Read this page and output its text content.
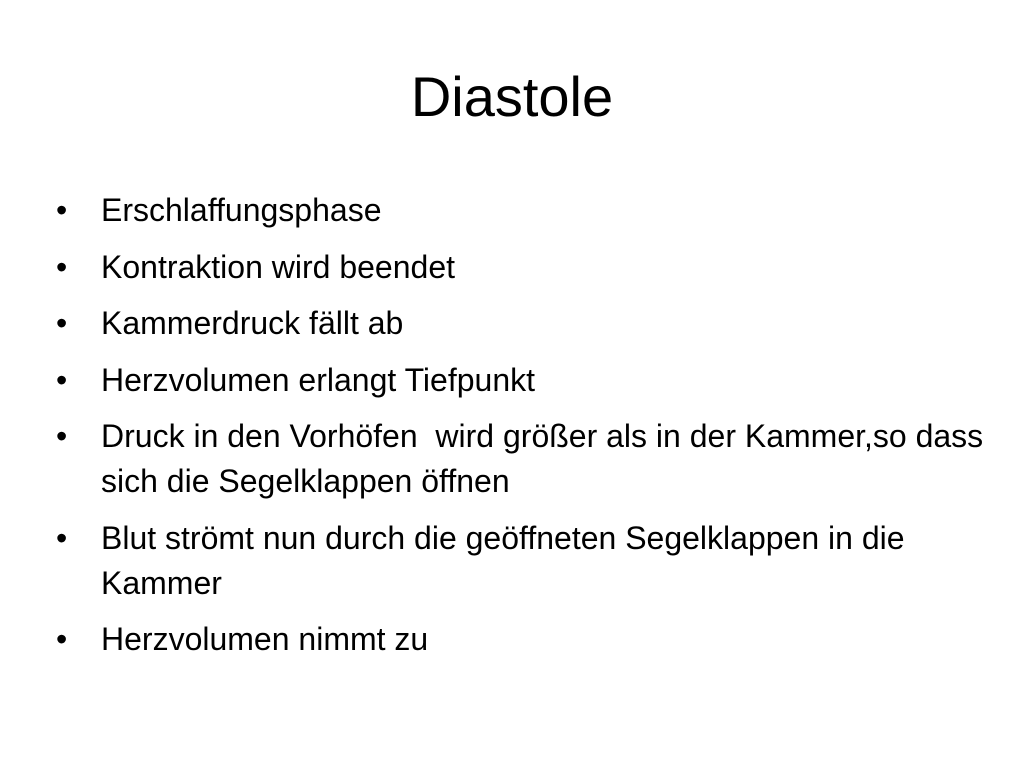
Diastole
•	Erschlaffungsphase
•	Kontraktion wird beendet
•	Kammerdruck fällt ab
•	Herzvolumen erlangt Tiefpunkt
•	Druck in den Vorhöfen  wird größer als in der Kammer,so dass sich die Segelklappen öffnen
•	Blut strömt nun durch die geöffneten Segelklappen in die Kammer
•	Herzvolumen nimmt zu
